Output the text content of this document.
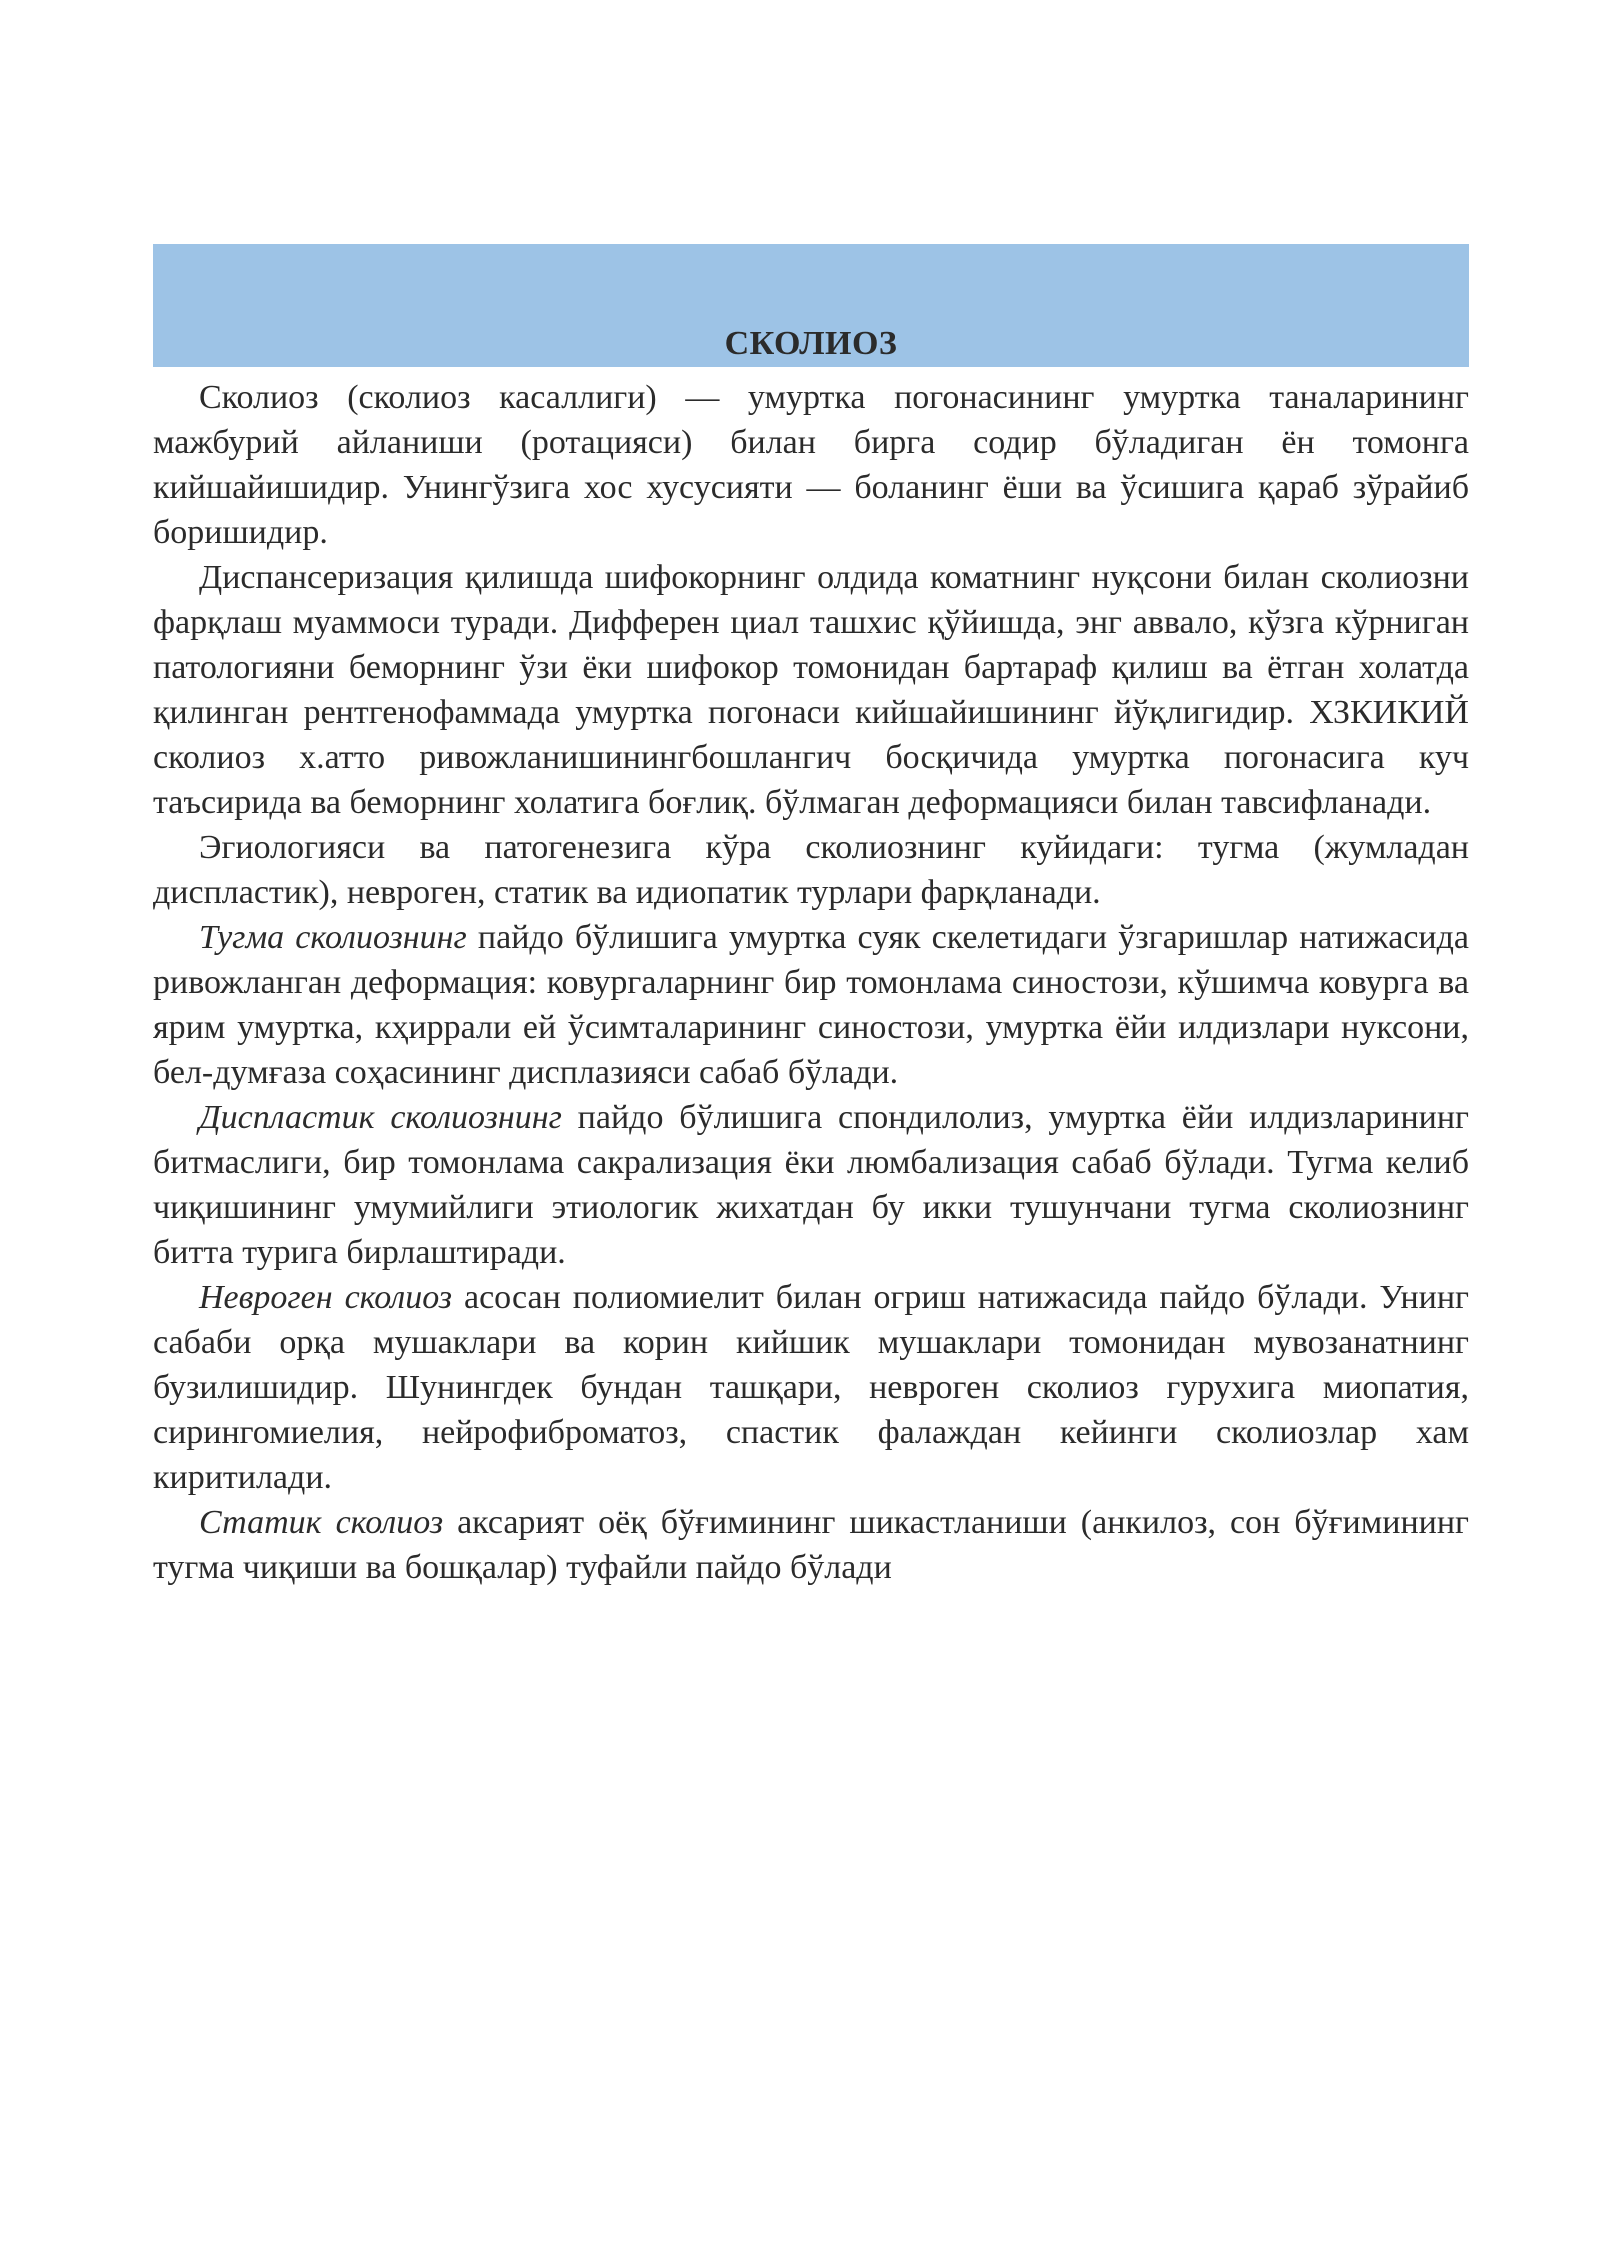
СКОЛИОЗ

Сколиоз (сколиоз касаллиги) — умуртка погонасининг умуртка таналарининг мажбурий айланиши (ротацияси) билан бирга содир бўладиган ён томонга кийшайишидир. Унингўзига хос хусусияти — боланинг ёши ва ўсишига қараб зўрайиб боришидир.

Диспансеризация қилишда шифокорнинг олдида коматнинг нуқсони билан сколиозни фарқлаш муаммоси туради. Дифферен циал ташхис қўйишда, энг аввало, кўзга кўрниган патологияни беморнинг ўзи ёки шифокор томонидан бартараф қилиш ва ётган холатда қилинган рентгенофаммада умуртка погонаси кийшайишининг йўқлигидир. ХЗКИКИЙ сколиоз х.атто ривожланишинингбошлангич босқичида умуртка погонасига куч таъсирида ва беморнинг холатига боғлиқ. бўлмаган деформацияси билан тавсифланади.

Эгиологияси ва патогенезига кўра сколиознинг куйидаги: тугма (жумладан диспластик), невроген, статик ва идиопатик турлари фарқланади.

Тугма сколиознинг пайдо бўлишига умуртка суяк скелетидаги ўзгаришлар натижасида ривожланган деформация: ковургаларнинг бир томонлама синостози, кўшимча ковурга ва ярим умуртка, кҳиррали ей ўсимталарининг синостози, умуртка ёйи илдизлари нуксони, бел-думғаза соҳасининг дисплазияси сабаб бўлади.

Диспластик сколиознинг пайдо бўлишига спондилолиз, умуртка ёйи илдизларининг битмаслиги, бир томонлама сакрализация ёки люмбализация сабаб бўлади. Тугма келиб чиқишининг умумийлиги этиологик жихатдан бу икки тушунчани тугма сколиознинг битта турига бирлаштиради.

Невроген сколиоз асосан полиомиелит билан огриш натижасида пайдо бўлади. Унинг сабаби орқа мушаклари ва корин кийшик мушаклари томонидан мувозанатнинг бузилишидир. Шунингдек бундан ташқари, невроген сколиоз гурухига миопатия, сирингомиелия, нейрофиброматоз, спастик фалаждан кейинги сколиозлар хам киритилади.

Статик сколиоз аксарият оёқ бўғимининг шикастланиши (анкилоз, сон бўғимининг тугма чиқиши ва бошқалар) туфайли пайдо бўлади
